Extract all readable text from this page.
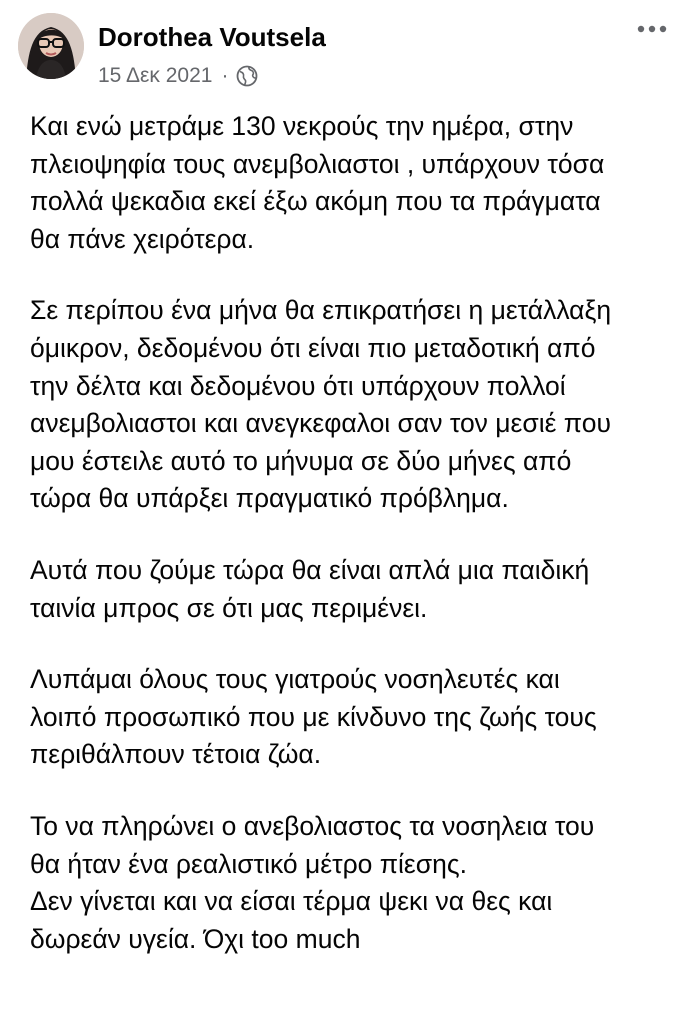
Dorothea Voutsela
15 Δεκ 2021 ·
Και ενώ μετράμε 130 νεκρούς την ημέρα, στην
πλειοψηφία τους ανεμβολιαστοι , υπάρχουν τόσα
πολλά ψεκαδια εκεί έξω ακόμη που τα πράγματα
θα πάνε χειρότερα.
Σε περίπου ένα μήνα θα επικρατήσει η μετάλλαξη
όμικρον, δεδομένου ότι είναι πιο μεταδοτική από
την δέλτα και δεδομένου ότι υπάρχουν πολλοί
ανεμβολιαστοι και ανεγκεφαλοι σαν τον μεσιέ που
μου έστειλε αυτό το μήνυμα σε δύο μήνες από
τώρα θα υπάρξει πραγματικό πρόβλημα.
Αυτά που ζούμε τώρα θα είναι απλά μια παιδική
ταινία μπρος σε ότι μας περιμένει.
Λυπάμαι όλους τους γιατρούς νοσηλευτές και
λοιπό προσωπικό που με κίνδυνο της ζωής τους
περιθάλπουν τέτοια ζώα.
Το να πληρώνει ο ανεβολιαστος τα νοσηλεια του
θα ήταν ένα ρεαλιστικό μέτρο πίεσης.
Δεν γίνεται και να είσαι τέρμα ψεκι να θες και
δωρεάν υγεία. Όχι too much
